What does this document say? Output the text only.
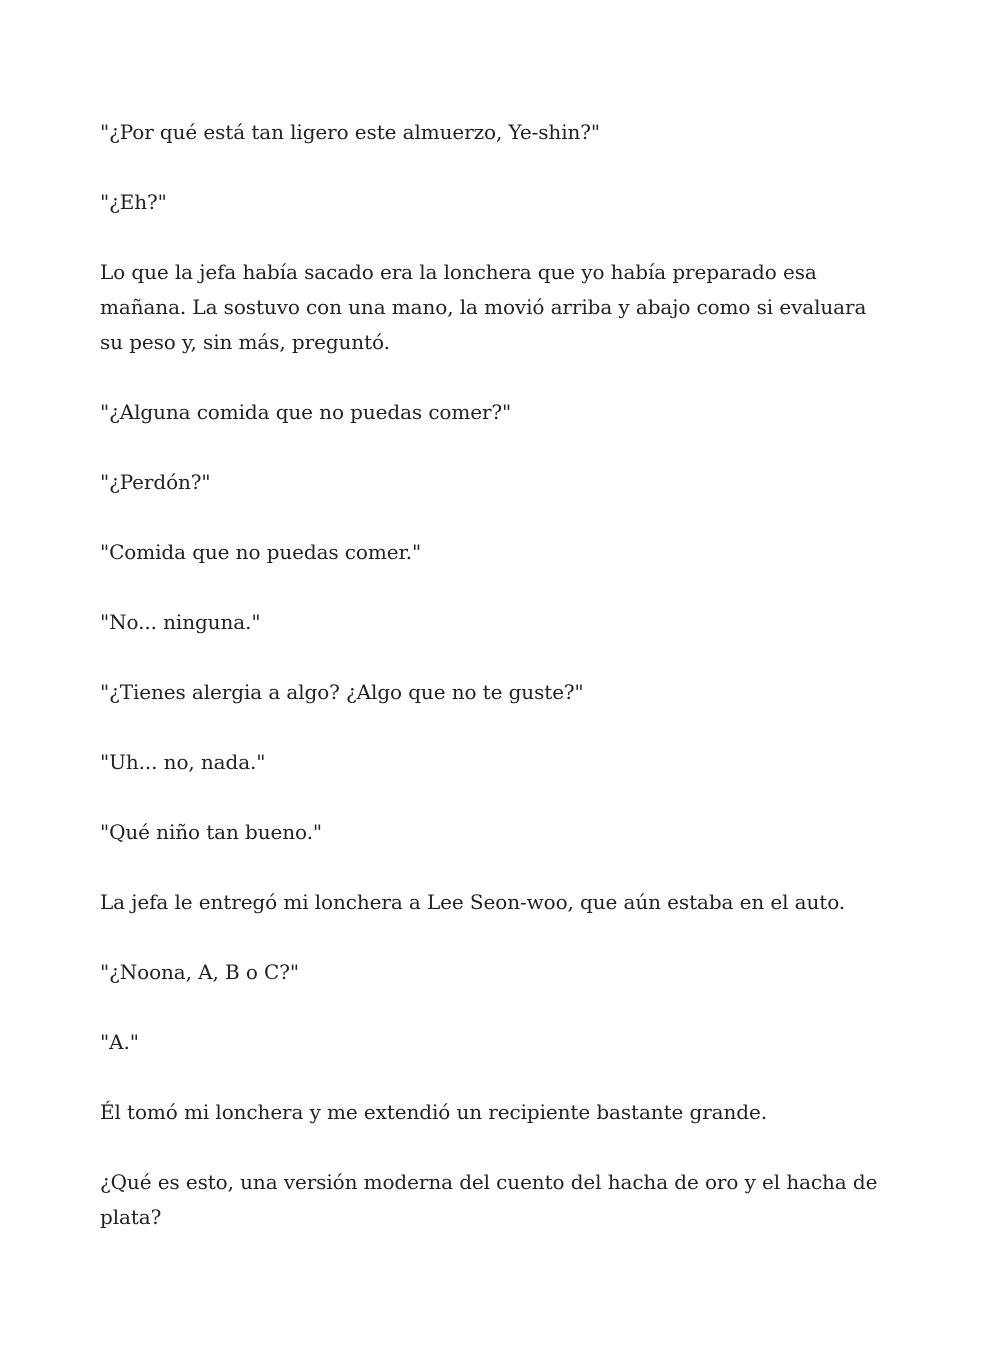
"¿Por qué está tan ligero este almuerzo, Ye-shin?"

"¿Eh?"

Lo que la jefa había sacado era la lonchera que yo había preparado esa mañana. La sostuvo con una mano, la movió arriba y abajo como si evaluara su peso y, sin más, preguntó.

"¿Alguna comida que no puedas comer?"

"¿Perdón?"

"Comida que no puedas comer."

"No... ninguna."

"¿Tienes alergia a algo? ¿Algo que no te guste?"

"Uh... no, nada."

"Qué niño tan bueno."

La jefa le entregó mi lonchera a Lee Seon-woo, que aún estaba en el auto.

"¿Noona, A, B o C?"

"A."

Él tomó mi lonchera y me extendió un recipiente bastante grande.

¿Qué es esto, una versión moderna del cuento del hacha de oro y el hacha de plata?
